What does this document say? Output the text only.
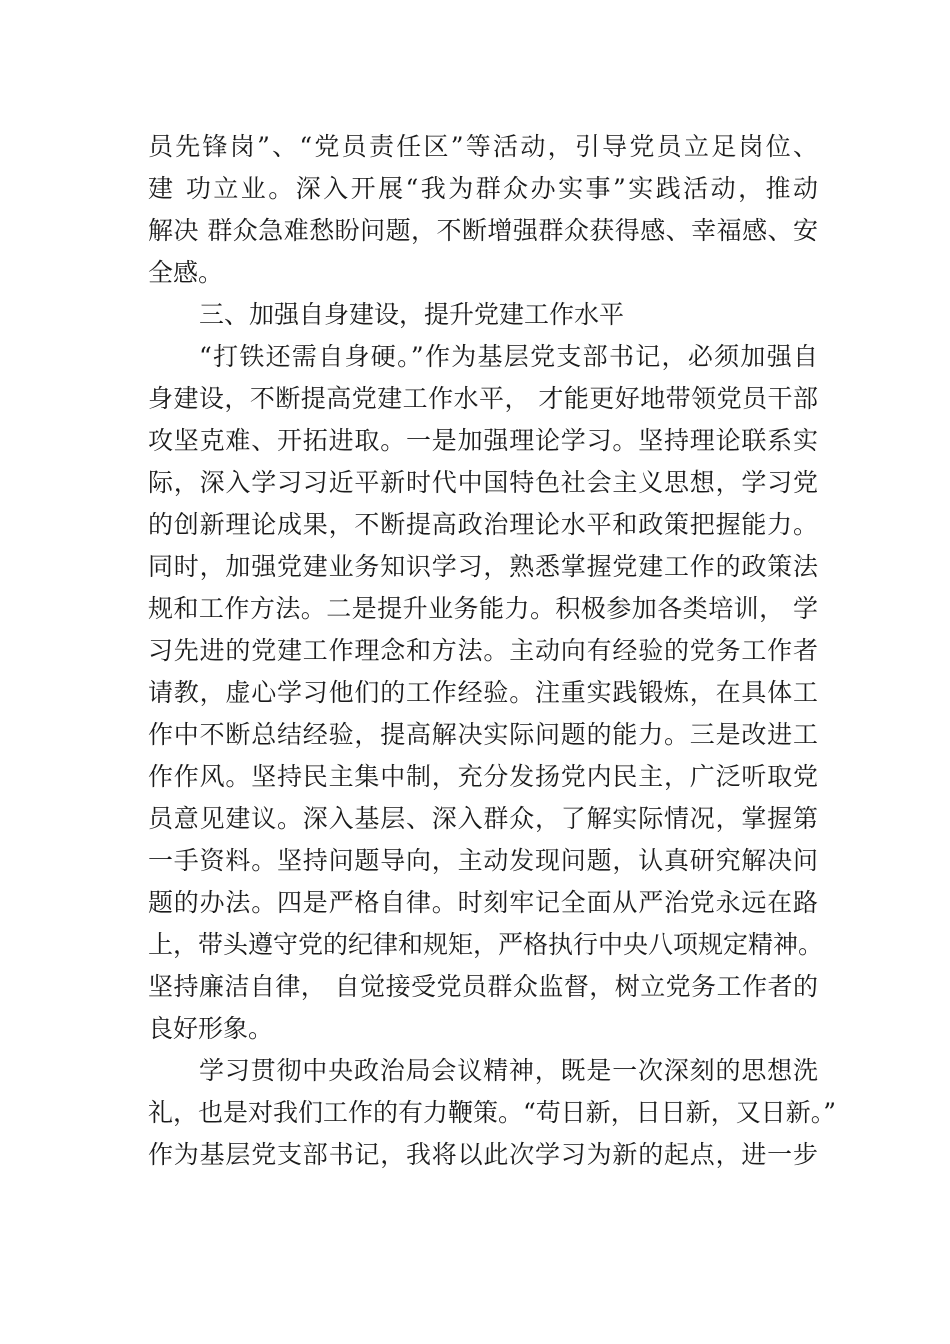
员先锋岗”、“党员责任区”等活动，引导党员立足岗位、
建 功立业。深入开展“我为群众办实事”实践活动，推动
解决 群众急难愁盼问题，不断增强群众获得感、幸福感、安
全感。
三、加强自身建设，提升党建工作水平
“打铁还需自身硬。”作为基层党支部书记，必须加强自
身建设，不断提高党建工作水平， 才能更好地带领党员干部
攻坚克难、开拓进取。一是加强理论学习。坚持理论联系实
际，深入学习习近平新时代中国特色社会主义思想，学习党
的创新理论成果，不断提高政治理论水平和政策把握能力。
同时，加强党建业务知识学习，熟悉掌握党建工作的政策法
规和工作方法。二是提升业务能力。积极参加各类培训， 学
习先进的党建工作理念和方法。主动向有经验的党务工作者
请教，虚心学习他们的工作经验。注重实践锻炼，在具体工
作中不断总结经验，提高解决实际问题的能力。三是改进工
作作风。坚持民主集中制，充分发扬党内民主，广泛听取党
员意见建议。深入基层、深入群众，了解实际情况，掌握第
一手资料。坚持问题导向，主动发现问题，认真研究解决问
题的办法。四是严格自律。时刻牢记全面从严治党永远在路
上，带头遵守党的纪律和规矩，严格执行中央八项规定精神。
坚持廉洁自律， 自觉接受党员群众监督，树立党务工作者的
良好形象。
学习贯彻中央政治局会议精神，既是一次深刻的思想洗
礼，也是对我们工作的有力鞭策。“苟日新，日日新，又日新。”
作为基层党支部书记，我将以此次学习为新的起点，进一步
